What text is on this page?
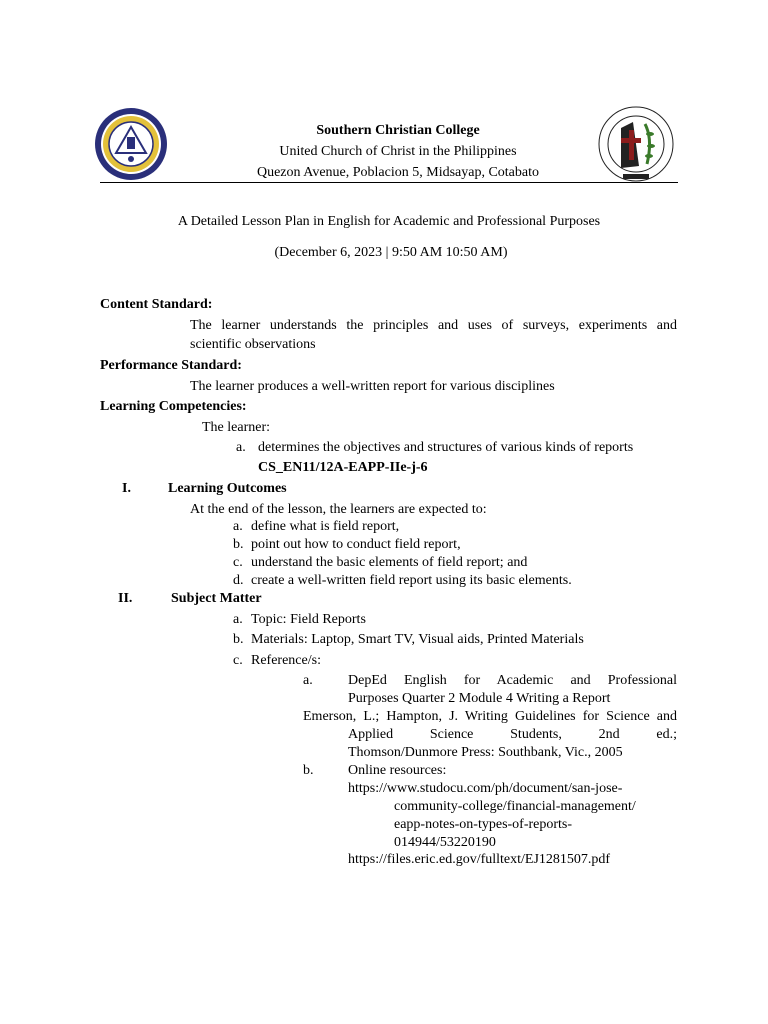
Southern Christian College
United Church of Christ in the Philippines
Quezon Avenue, Poblacion 5, Midsayap, Cotabato
A Detailed Lesson Plan in English for Academic and Professional Purposes
(December 6, 2023 | 9:50 AM 10:50 AM)
Content Standard:
The learner understands the principles and uses of surveys, experiments and
scientific observations
Performance Standard:
The learner produces a well-written report for various disciplines
Learning Competencies:
The learner:
a. determines the objectives and structures of various kinds of reports
CS_EN11/12A-EAPP-IIe-j-6
I.	Learning Outcomes
At the end of the lesson, the learners are expected to:
a. define what is field report,
b. point out how to conduct field report,
c. understand the basic elements of field report; and
d. create a well-written field report using its basic elements.
II.	Subject Matter
a. Topic: Field Reports
b. Materials: Laptop, Smart TV, Visual aids, Printed Materials
c. Reference/s:
a.	DepEd English for Academic and Professional
Purposes Quarter 2 Module 4 Writing a Report
Emerson, L.; Hampton, J. Writing Guidelines for Science and
Applied Science Students, 2nd ed.;
Thomson/Dunmore Press: Southbank, Vic., 2005
b. Online resources:
https://www.studocu.com/ph/document/san-jose-
community-college/financial-management/
eapp-notes-on-types-of-reports-
014944/53220190
https://files.eric.ed.gov/fulltext/EJ1281507.pdf
